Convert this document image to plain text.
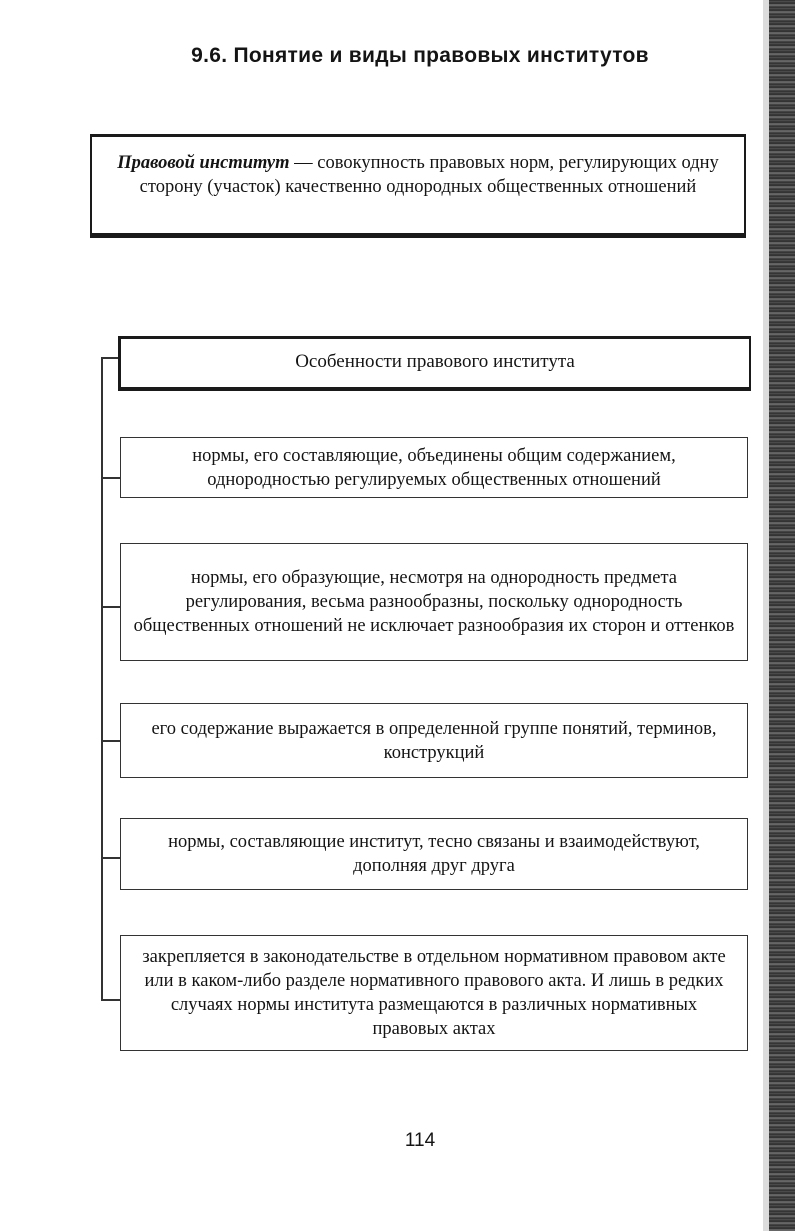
9.6. Понятие и виды правовых институтов
Правовой институт — совокупность правовых норм, регулирующих одну сторону (участок) качественно однородных общественных отношений
Особенности правового института
нормы, его составляющие, объединены общим содержанием, однородностью регулируемых общественных отношений
нормы, его образующие, несмотря на однородность предмета регулирования, весьма разнообразны, поскольку однородность общественных отношений не исключает разнообразия их сторон и оттенков
его содержание выражается в определенной группе понятий, терминов, конструкций
нормы, составляющие институт, тесно связаны и взаимодействуют, дополняя друг друга
закрепляется в законодательстве в отдельном нормативном правовом акте или в каком-либо разделе нормативного правового акта. И лишь в редких случаях нормы института размещаются в различных нормативных правовых актах
114
